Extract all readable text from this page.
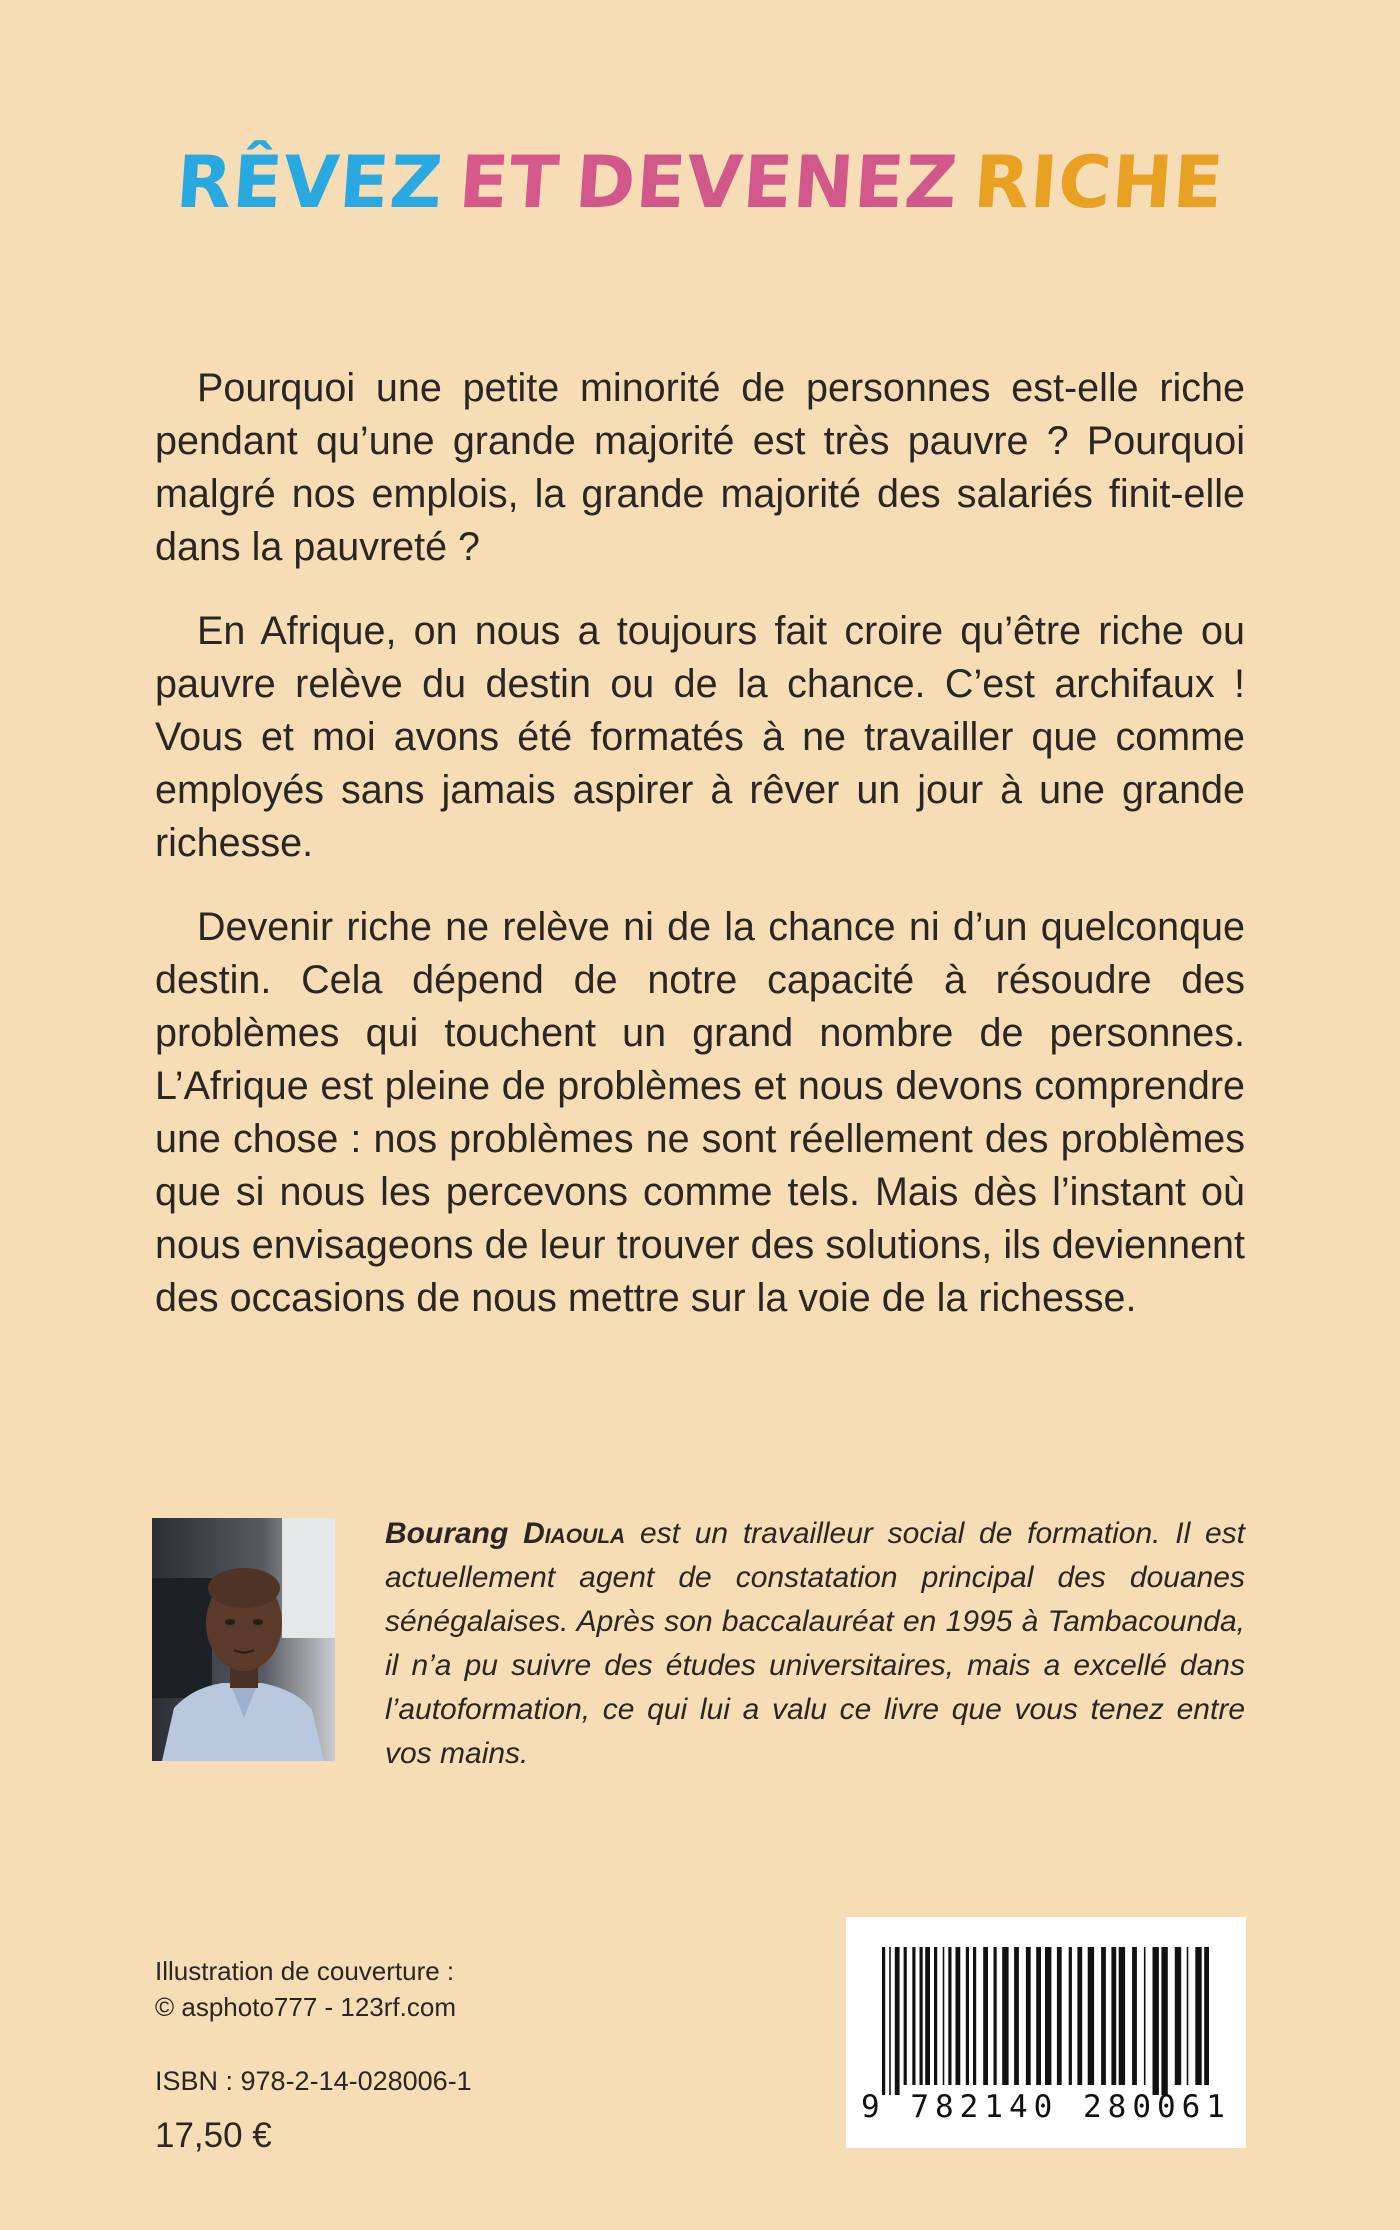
RÊVEZ ET DEVENEZ RICHE

Pourquoi une petite minorité de personnes est-elle riche pendant qu’une grande majorité est très pauvre ? Pourquoi malgré nos emplois, la grande majorité des salariés finit-elle dans la pauvreté ?

En Afrique, on nous a toujours fait croire qu’être riche ou pauvre relève du destin ou de la chance. C’est archifaux ! Vous et moi avons été formatés à ne travailler que comme employés sans jamais aspirer à rêver un jour à une grande richesse.

Devenir riche ne relève ni de la chance ni d’un quelconque destin. Cela dépend de notre capacité à résoudre des problèmes qui touchent un grand nombre de personnes. L’Afrique est pleine de problèmes et nous devons comprendre une chose : nos problèmes ne sont réellement des problèmes que si nous les percevons comme tels. Mais dès l’instant où nous envisageons de leur trouver des solutions, ils deviennent des occasions de nous mettre sur la voie de la richesse.

Bourang Diaoula est un travailleur social de formation. Il est actuellement agent de constatation principal des douanes sénégalaises. Après son baccalauréat en 1995 à Tambacounda, il n’a pu suivre des études universitaires, mais a excellé dans l’autoformation, ce qui lui a valu ce livre que vous tenez entre vos mains.
Illustration de couverture :
© asphoto777 - 123rf.com
ISBN : 978-2-14-028006-1
17,50 €
9 782140 280061
